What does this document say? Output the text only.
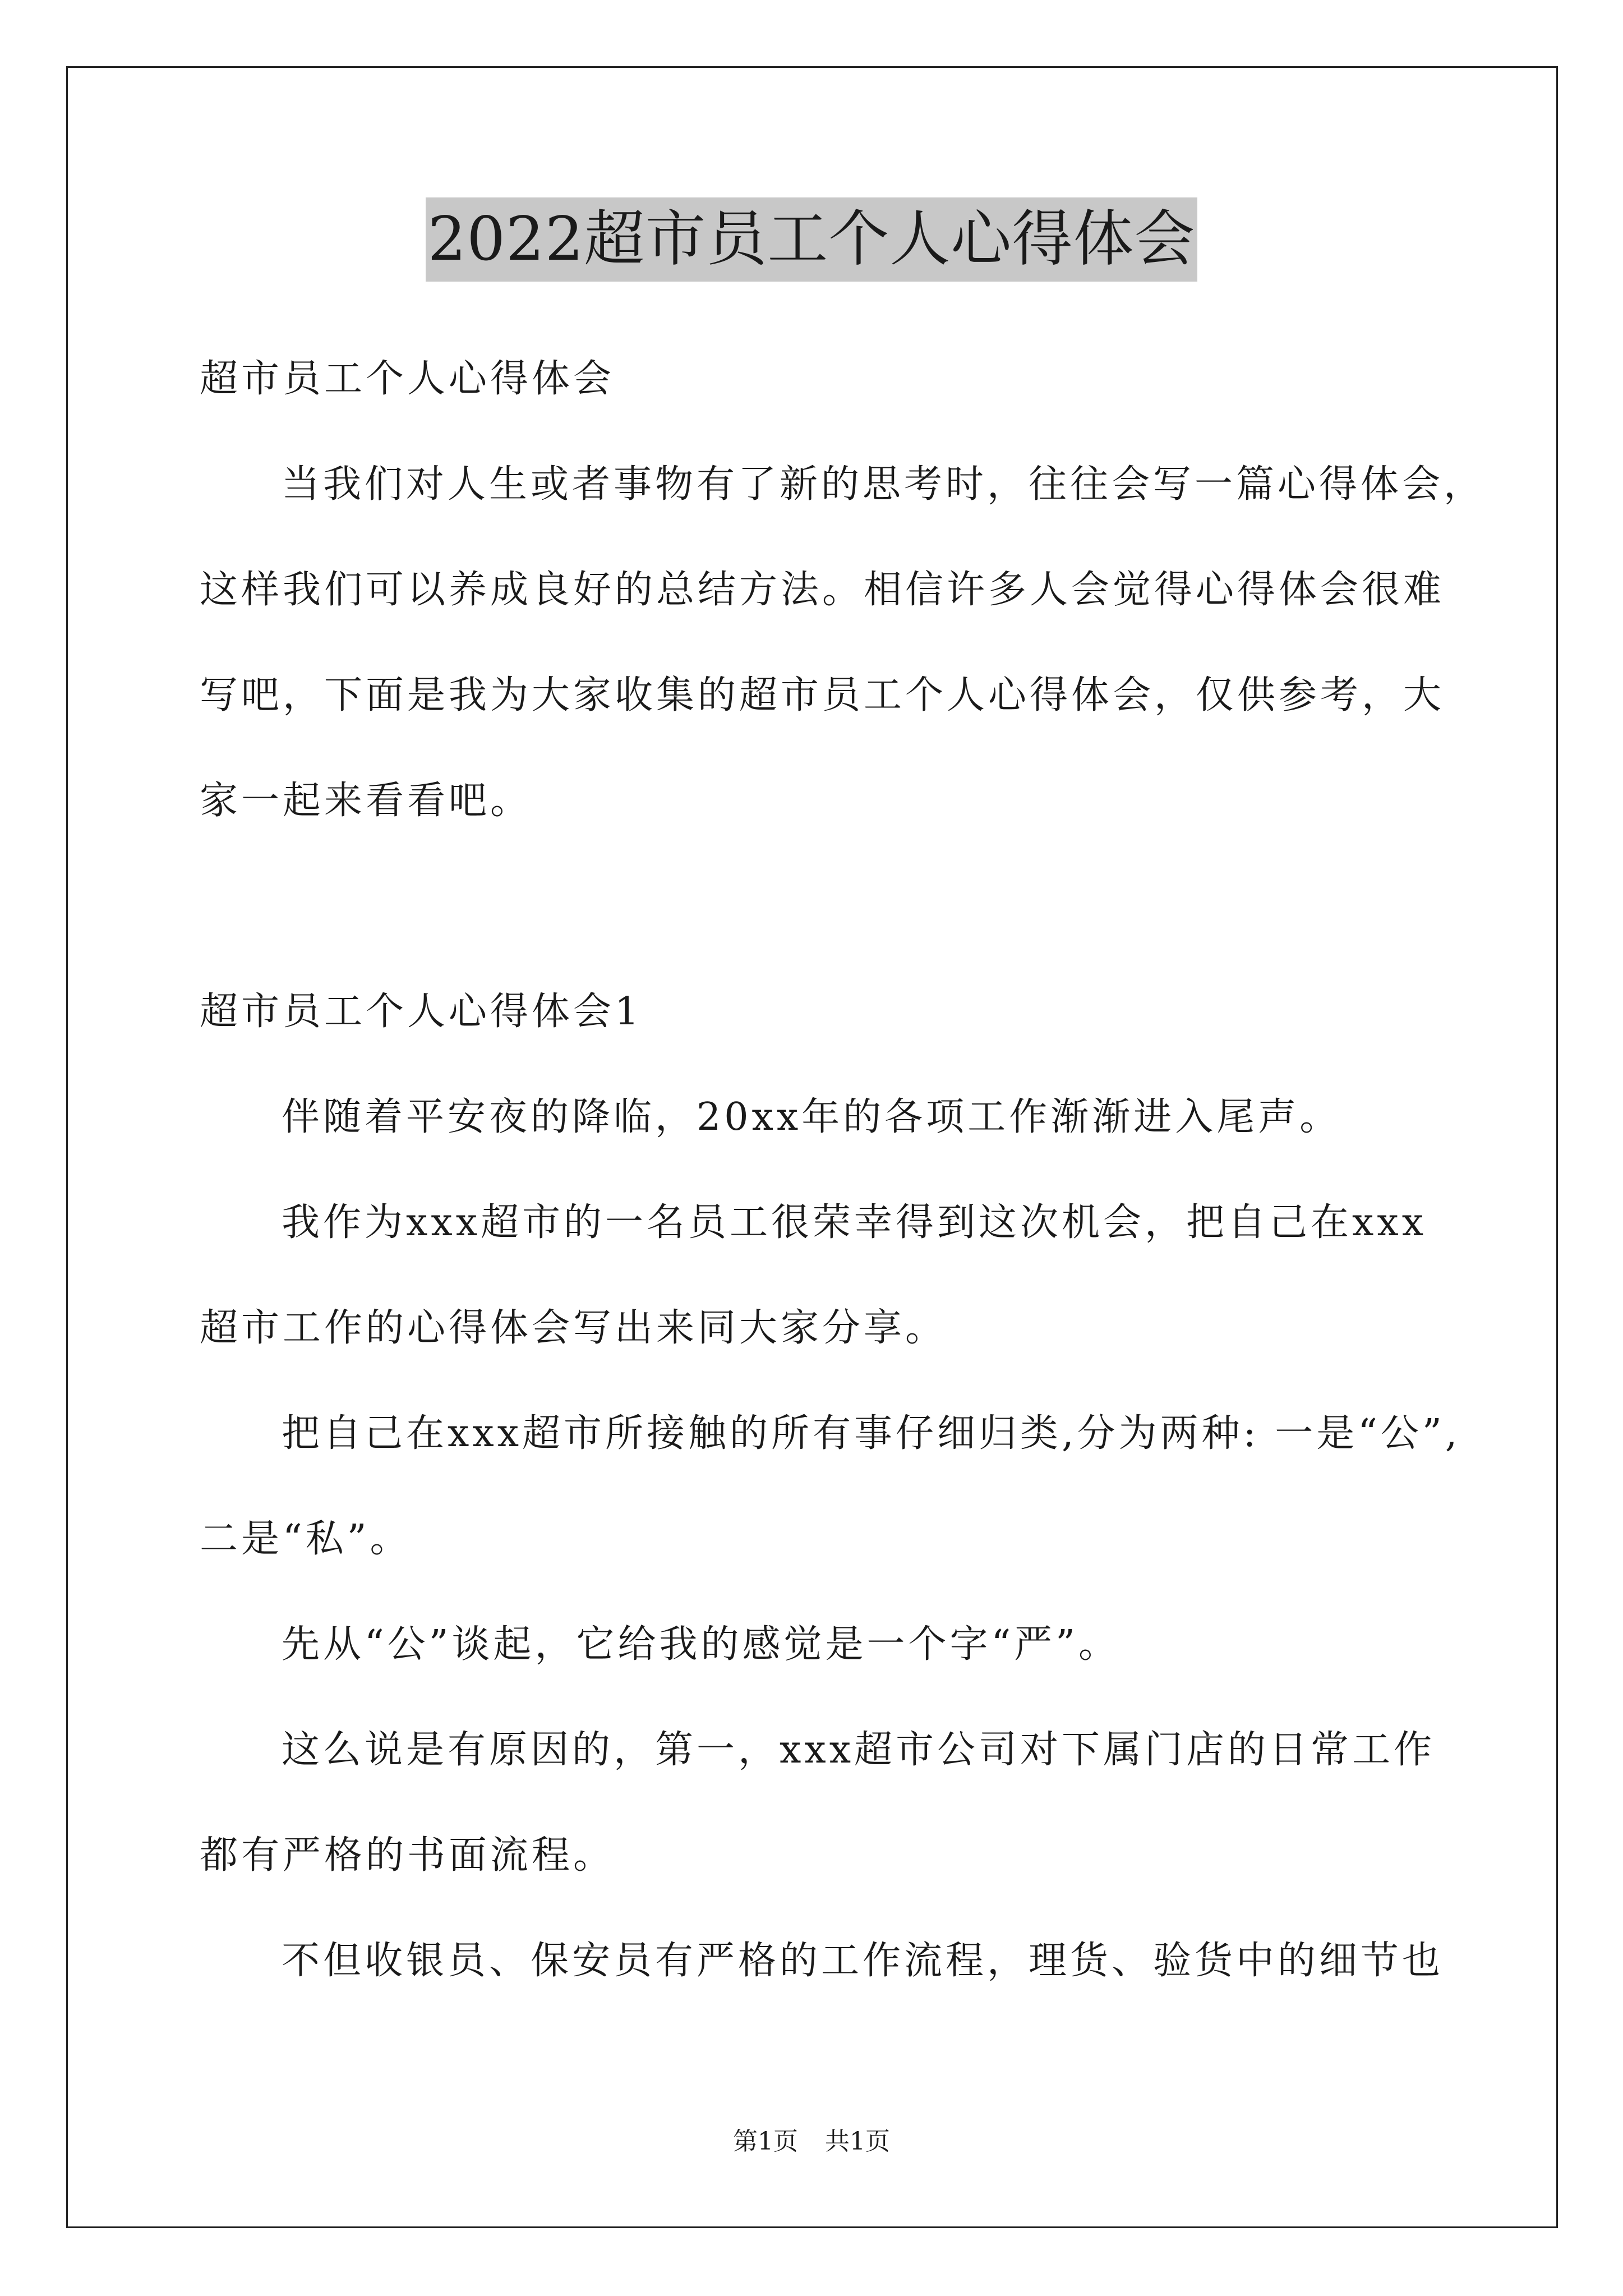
2022超市员工个人心得体会
超市员工个人心得体会
当我们对人生或者事物有了新的思考时，往往会写一篇心得体会，
这样我们可以养成良好的总结方法。相信许多人会觉得心得体会很难
写吧，下面是我为大家收集的超市员工个人心得体会，仅供参考，大
家一起来看看吧。
超市员工个人心得体会1
伴随着平安夜的降临，20xx年的各项工作渐渐进入尾声。
我作为xxx超市的一名员工很荣幸得到这次机会，把自己在xxx
超市工作的心得体会写出来同大家分享。
把自己在xxx超市所接触的所有事仔细归类,分为两种: 一是“公”,
二是“私”。
先从“公”谈起，它给我的感觉是一个字“严”。
这么说是有原因的，第一，xxx超市公司对下属门店的日常工作
都有严格的书面流程。
不但收银员、保安员有严格的工作流程，理货、验货中的细节也
第1页 共1页
